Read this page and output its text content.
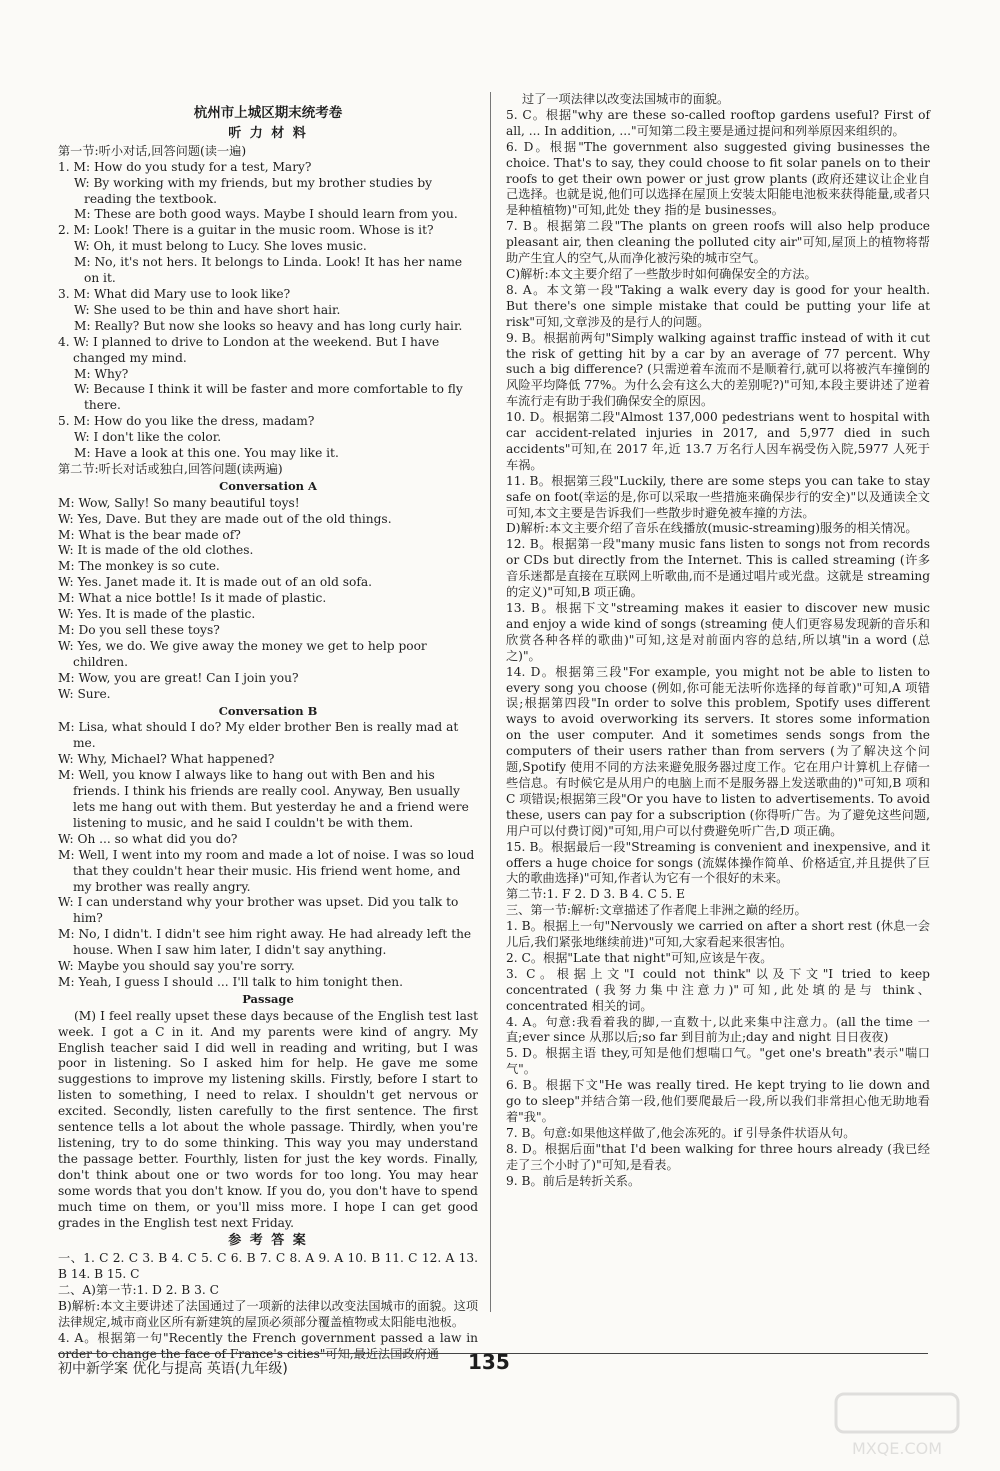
杭州市上城区期末统考卷
听 力 材 料
第一节:听小对话,回答问题(读一遍)
1. M: How do you study for a test, Mary?
W: By working with my friends, but my brother studies by reading the textbook.
M: These are both good ways. Maybe I should learn from you.
2. M: Look! There is a guitar in the music room. Whose is it?
W: Oh, it must belong to Lucy. She loves music.
M: No, it's not hers. It belongs to Linda. Look! It has her name on it.
3. M: What did Mary use to look like?
W: She used to be thin and have short hair.
M: Really? But now she looks so heavy and has long curly hair.
4. W: I planned to drive to London at the weekend. But I have changed my mind.
M: Why?
W: Because I think it will be faster and more comfortable to fly there.
5. M: How do you like the dress, madam?
W: I don't like the color.
M: Have a look at this one. You may like it.
第二节:听长对话或独白,回答问题(读两遍)
Conversation A
M: Wow, Sally! So many beautiful toys!
W: Yes, Dave. But they are made out of the old things.
M: What is the bear made of?
W: It is made of the old clothes.
M: The monkey is so cute.
W: Yes. Janet made it. It is made out of an old sofa.
M: What a nice bottle! Is it made of plastic.
W: Yes. It is made of the plastic.
M: Do you sell these toys?
W: Yes, we do. We give away the money we get to help poor children.
M: Wow, you are great! Can I join you?
W: Sure.
Conversation B
M: Lisa, what should I do? My elder brother Ben is really mad at me.
W: Why, Michael? What happened?
M: Well, you know I always like to hang out with Ben and his friends. I think his friends are really cool. Anyway, Ben usually lets me hang out with them. But yesterday he and a friend were listening to music, and he said I couldn't be with them.
W: Oh ... so what did you do?
M: Well, I went into my room and made a lot of noise. I was so loud that they couldn't hear their music. His friend went home, and my brother was really angry.
W: I can understand why your brother was upset. Did you talk to him?
M: No, I didn't. I didn't see him right away. He had already left the house. When I saw him later, I didn't say anything.
W: Maybe you should say you're sorry.
M: Yeah, I guess I should ... I'll talk to him tonight then.
Passage
(M) I feel really upset these days because of the English test last week. I got a C in it. And my parents were kind of angry. My English teacher said I did well in reading and writing, but I was poor in listening. So I asked him for help. He gave me some suggestions to improve my listening skills. Firstly, before I start to listen to something, I need to relax. I shouldn't get nervous or excited. Secondly, listen carefully to the first sentence. The first sentence tells a lot about the whole passage. Thirdly, when you're listening, try to do some thinking. This way you may understand the passage better. Fourthly, listen for just the key words. Finally, don't think about one or two words for too long. You may hear some words that you don't know. If you do, you don't have to spend much time on them, or you'll miss more. I hope I can get good grades in the English test next Friday.
参 考 答 案
一、1. C 2. C 3. B 4. C 5. C 6. B 7. C 8. A 9. A 10. B 11. C 12. A 13. B 14. B 15. C
二、A)第一节:1. D 2. B 3. C
B)解析:本文主要讲述了法国通过了一项新的法律以改变法国城市的面貌。这项法律规定,城市商业区所有新建筑的屋顶必须部分覆盖植物或太阳能电池板。
4. A。根据第一句"Recently the French government passed a law in
过了一项法律以改变法国城市的面貌。
5. C。根据"why are these so-called rooftop gardens useful? First of all, ... In addition, ..."可知第二段主要是通过提问和列举原因来组织的。
6. D。根据"The government also suggested giving businesses the choice. That's to say, they could choose to fit solar panels on to their roofs to get their own power or just grow plants (政府还建议让企业自己选择。也就是说,他们可以选择在屋顶上安装太阳能电池板来获得能量,或者只是种植植物)"可知,此处 they 指的是 businesses。
7. B。根据第二段"The plants on green roofs will also help produce pleasant air, then cleaning the polluted city air"可知,屋顶上的植物将帮助产生宜人的空气,从而净化被污染的城市空气。
C)解析:本文主要介绍了一些散步时如何确保安全的方法。
8. A。本文第一段"Taking a walk every day is good for your health. But there's one simple mistake that could be putting your life at risk"可知,文章涉及的是行人的问题。
9. B。根据前两句"Simply walking against traffic instead of with it cut the risk of getting hit by a car by an average of 77 percent. Why such a big difference? (只需逆着车流而不是顺着行,就可以将被汽车撞倒的风险平均降低 77%。为什么会有这么大的差别呢?)"可知,本段主要讲述了逆着车流行走有助于我们确保安全的原因。
10. D。根据第二段"Almost 137,000 pedestrians went to hospital with car accident-related injuries in 2017, and 5,977 died in such accidents"可知,在 2017 年,近 13.7 万名行人因车祸受伤入院,5977 人死于车祸。
11. B。根据第三段"Luckily, there are some steps you can take to stay safe on foot(幸运的是,你可以采取一些措施来确保步行的安全)"以及通读全文可知,本文主要是告诉我们一些散步时避免被车撞的方法。
D)解析:本文主要介绍了音乐在线播放(music-streaming)服务的相关情况。
12. B。根据第一段"many music fans listen to songs not from records or CDs but directly from the Internet. This is called streaming (许多音乐迷都是直接在互联网上听歌曲,而不是通过唱片或光盘。这就是 streaming 的定义)"可知,B 项正确。
13. B。根据下文"streaming makes it easier to discover new music and enjoy a wide kind of songs (streaming 使人们更容易发现新的音乐和欣赏各种各样的歌曲)"可知,这是对前面内容的总结,所以填"in a word (总之)"。
14. D。根据第三段"For example, you might not be able to listen to every song you choose (例如,你可能无法听你选择的每首歌)"可知,A 项错误;根据第四段"In order to solve this problem, Spotify uses different ways to avoid overworking its servers. It stores some information on the user computer. And it sometimes sends songs from the computers of their users rather than from servers (为了解决这个问题,Spotify 使用不同的方法来避免服务器过度工作。它在用户计算机上存储一些信息。有时候它是从用户的电脑上而不是服务器上发送歌曲的)"可知,B 项和 C 项错误;根据第三段"Or you have to listen to advertisements. To avoid these, users can pay for a subscription (你得听广告。为了避免这些问题,用户可以付费订阅)"可知,用户可以付费避免听广告,D 项正确。
15. B。根据最后一段"Streaming is convenient and inexpensive, and it offers a huge choice for songs (流媒体操作简单、价格适宜,并且提供了巨大的歌曲选择)"可知,作者认为它有一个很好的未来。
第二节:1. F 2. D 3. B 4. C 5. E
三、第一节:解析:文章描述了作者爬上非洲之巅的经历。
1. B。根据上一句"Nervously we carried on after a short rest (休息一会儿后,我们紧张地继续前进)"可知,大家看起来很害怕。
2. C。根据"Late that night"可知,应该是午夜。
3. C。根据上文"I could not think"以及下文"I tried to keep concentrated (我努力集中注意力)"可知,此处填的是与 think、concentrated 相关的词。
4. A。句意:我看着我的脚,一直数十,以此来集中注意力。(all the time 一直;ever since 从那以后;so far 到目前为止;day and night 日日夜夜)
5. D。根据主语 they,可知是他们想喘口气。"get one's breath"表示"喘口气"。
6. B。根据下文"He was really tired. He kept trying to lie down and go to sleep"并结合第一段,他们要爬最后一段,所以我们非常担心他无助地看着"我"。
7. B。句意:如果他这样做了,他会冻死的。if 引导条件状语从句。
8. D。根据后面"that I'd been walking for three hours already (我已经走了三个小时了)"可知,是看表。
9. B。前后是转折关系。
初中新学案 优化与提高 英语(九年级)	135
MXQE.COM
